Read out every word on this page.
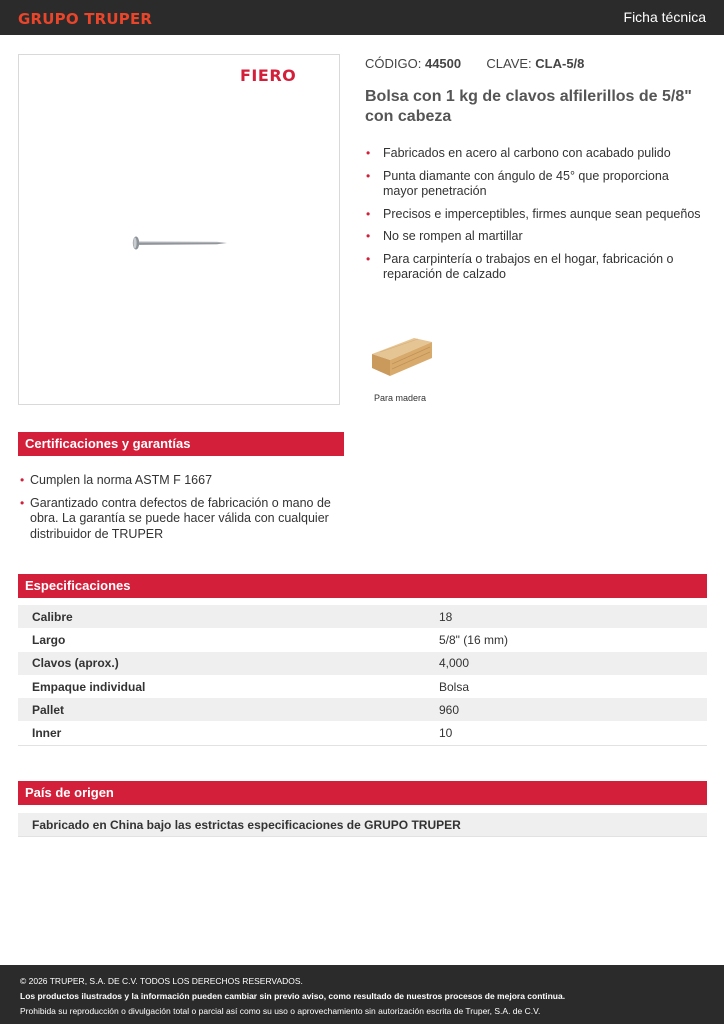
GRUPO TRUPER	Ficha técnica
FIERO
CÓDIGO: 44500 CLAVE: CLA-5/8
Bolsa con 1 kg de clavos alfilerillos de 5/8" con cabeza
• Fabricados en acero al carbono con acabado pulido
• Punta diamante con ángulo de 45° que proporciona mayor penetración
• Precisos e imperceptibles, firmes aunque sean pequeños
• No se rompen al martillar
• Para carpintería o trabajos en el hogar, fabricación o reparación de calzado
Para madera
Certificaciones y garantías
• Cumplen la norma ASTM F 1667
• Garantizado contra defectos de fabricación o mano de obra. La garantía se puede hacer válida con cualquier distribuidor de TRUPER
Especificaciones
Calibre	18
Largo	5/8" (16 mm)
Clavos (aprox.)	4,000
Empaque individual	Bolsa
Pallet	960
Inner	10
País de origen
Fabricado en China bajo las estrictas especificaciones de GRUPO TRUPER
© 2026 TRUPER, S.A. DE C.V. TODOS LOS DERECHOS RESERVADOS.
Los productos ilustrados y la información pueden cambiar sin previo aviso, como resultado de nuestros procesos de mejora continua.
Prohibida su reproducción o divulgación total o parcial así como su uso o aprovechamiento sin autorización escrita de Truper, S.A. de C.V.
